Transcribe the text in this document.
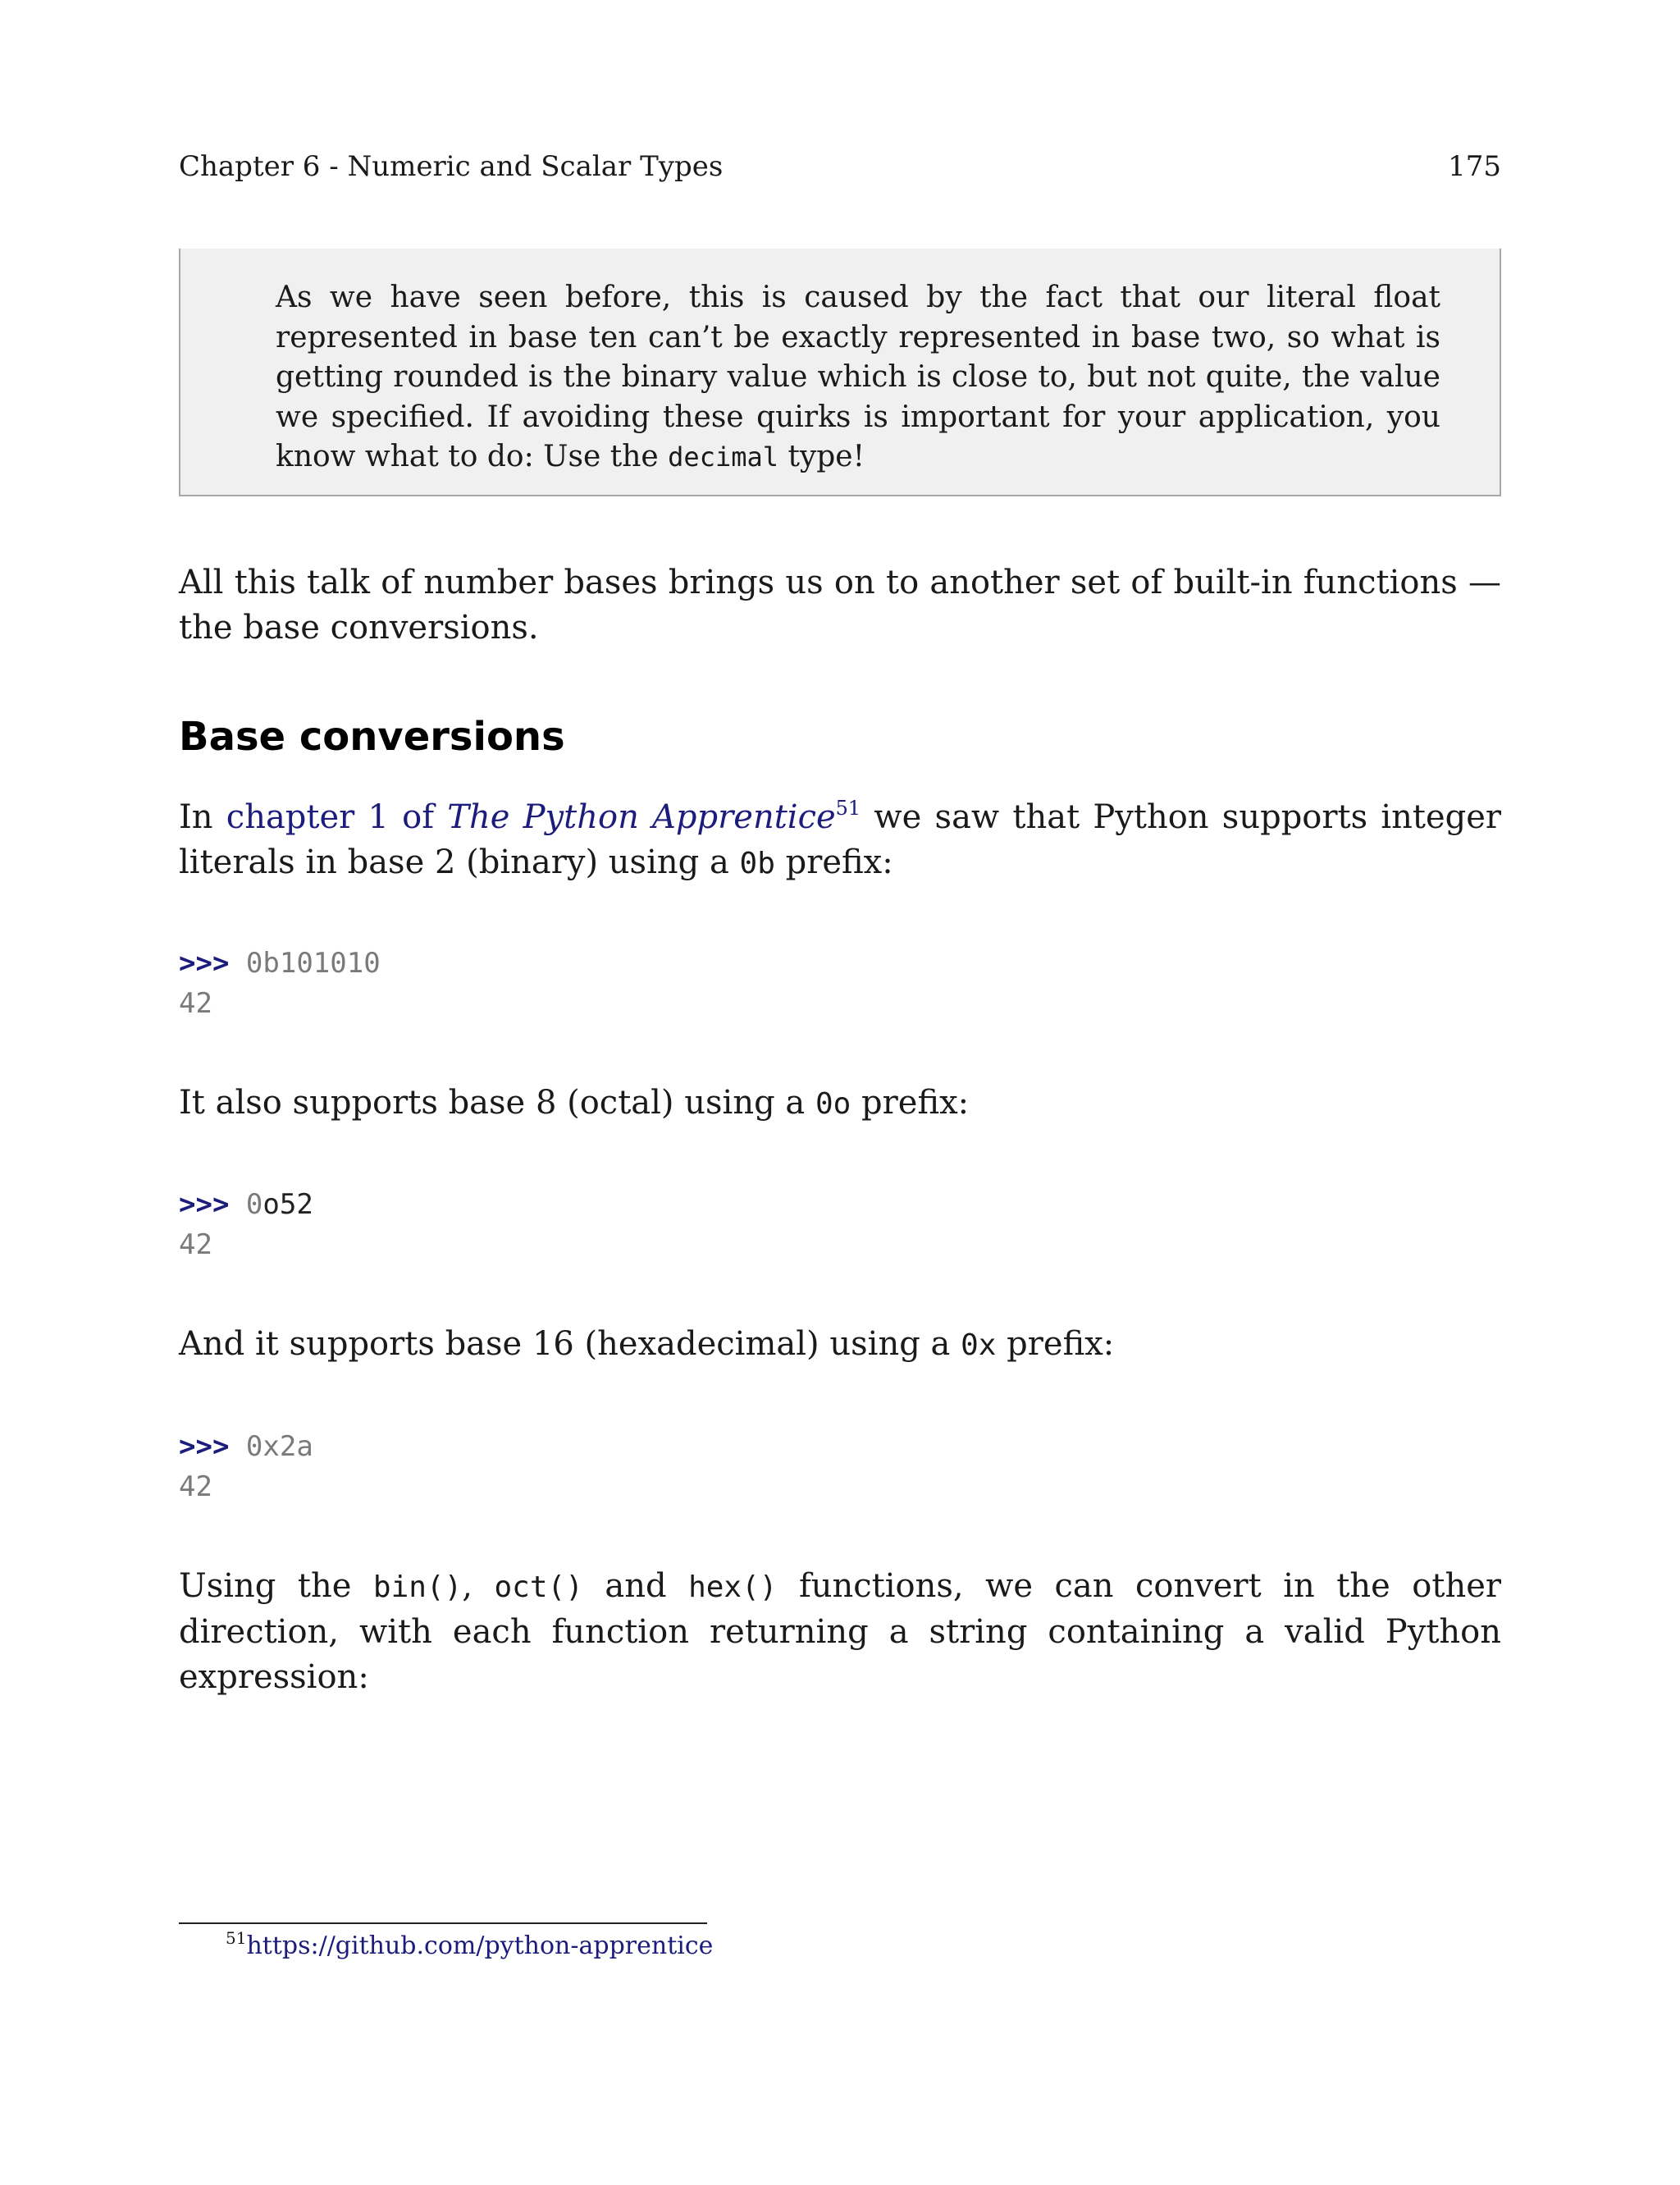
Chapter 6 - Numeric and Scalar Types	175
As we have seen before, this is caused by the fact that our literal float represented in base ten can’t be exactly represented in base two, so what is getting rounded is the binary value which is close to, but not quite, the value we specified. If avoiding these quirks is important for your application, you know what to do: Use the decimal type!
All this talk of number bases brings us on to another set of built-in functions — the base conversions.
Base conversions
In chapter 1 of The Python Apprentice$^{51}$ we saw that Python supports integer literals in base 2 (binary) using a 0b prefix:
>>> 0b101010
42
It also supports base 8 (octal) using a 0o prefix:
>>> 0o52
42
And it supports base 16 (hexadecimal) using a 0x prefix:
>>> 0x2a
42
Using the bin(), oct() and hex() functions, we can convert in the other direction, with each function returning a string containing a valid Python expression:
$^{51}$https://github.com/python-apprentice
